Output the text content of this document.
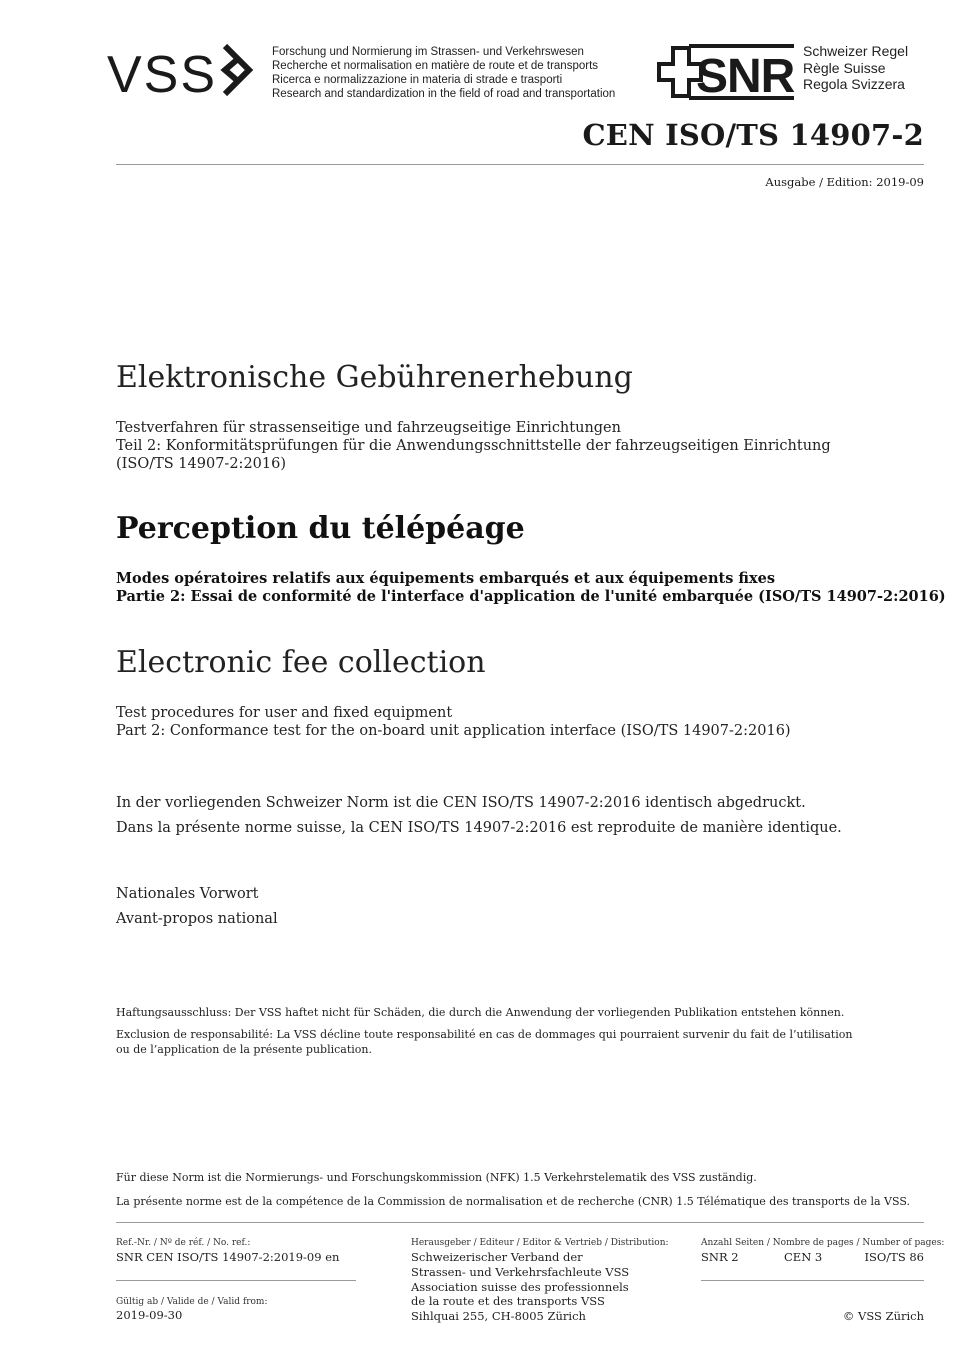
VSS	Forschung und Normierung im Strassen- und Verkehrswesen
Recherche et normalisation en matière de route et de transports
Ricerca e normalizzazione in materia di strade e trasporti
Research and standardization in the field of road and transportation SNR Schweizer Regel
Règle Suisse
Regola Svizzera
CEN ISO/TS 14907-2
Ausgabe / Edition: 2019-09
Elektronische Gebührenerhebung
Testverfahren für strassenseitige und fahrzeugseitige Einrichtungen
Teil 2: Konformitätsprüfungen für die Anwendungsschnittstelle der fahrzeugseitigen Einrichtung
(ISO/TS 14907-2:2016)
Perception du télépéage
Modes opératoires relatifs aux équipements embarqués et aux équipements fixes
Partie 2: Essai de conformité de l'interface d'application de l'unité embarquée (ISO/TS 14907-2:2016)
Electronic fee collection
Test procedures for user and fixed equipment
Part 2: Conformance test for the on-board unit application interface (ISO/TS 14907-2:2016)
In der vorliegenden Schweizer Norm ist die CEN ISO/TS 14907-2:2016 identisch abgedruckt.
Dans la présente norme suisse, la CEN ISO/TS 14907-2:2016 est reproduite de manière identique.
Nationales Vorwort
Avant-propos national
Haftungsausschluss: Der VSS haftet nicht für Schäden, die durch die Anwendung der vorliegenden Publikation entstehen können.
Exclusion de responsabilité: La VSS décline toute responsabilité en cas de dommages qui pourraient survenir du fait de l’utilisation
ou de l’application de la présente publication.
Für diese Norm ist die Normierungs- und Forschungskommission (NFK) 1.5 Verkehrstelematik des VSS zuständig.
La présente norme est de la compétence de la Commission de normalisation et de recherche (CNR) 1.5 Télématique des transports de la VSS.
Ref.-Nr. / Nº de réf. / No. ref.:
SNR CEN ISO/TS 14907-2:2019-09 en
Gültig ab / Valide de / Valid from:
2019-09-30
Herausgeber / Editeur / Editor & Vertrieb / Distribution:
Schweizerischer Verband der
Strassen- und Verkehrsfachleute VSS
Association suisse des professionnels
de la route et des transports VSS
Sihlquai 255, CH-8005 Zürich
Anzahl Seiten / Nombre de pages / Number of pages:
SNR 2	CEN 3	ISO/TS 86
© VSS Zürich
